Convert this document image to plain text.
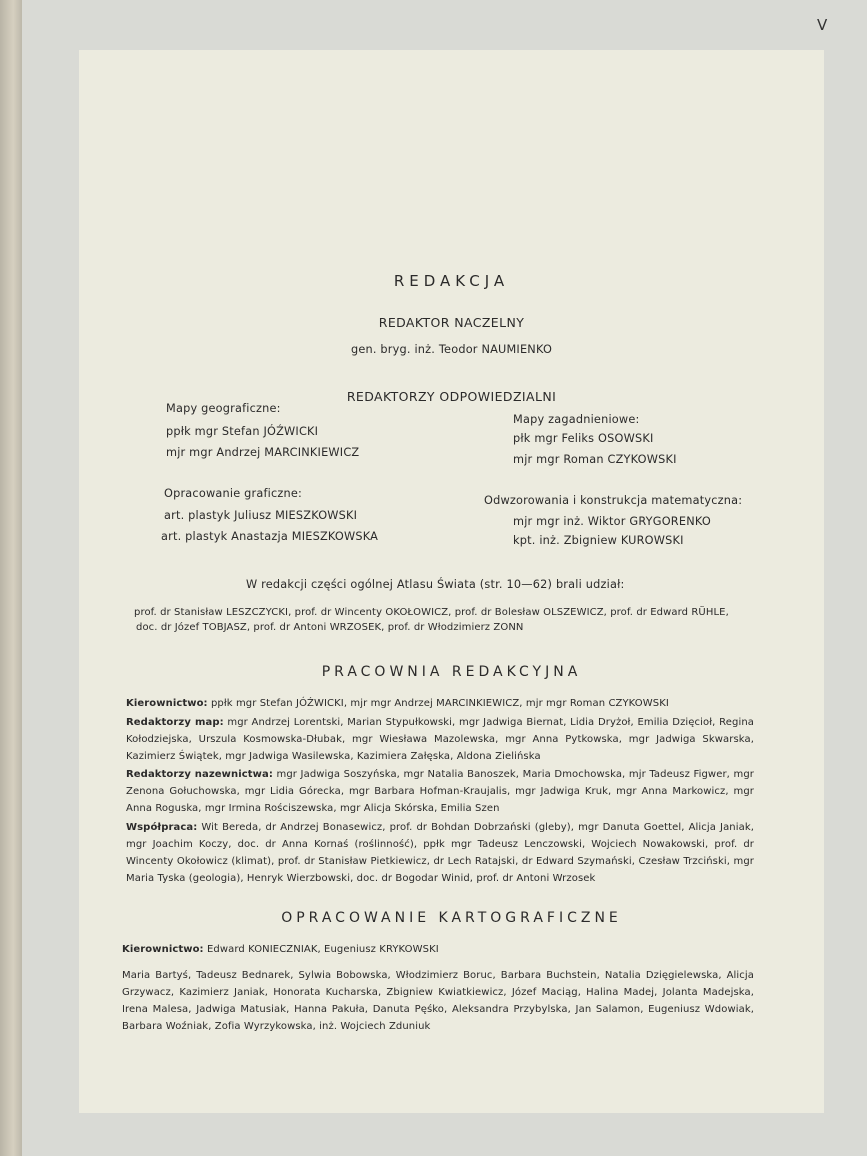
V
REDAKCJA
REDAKTOR NACZELNY
gen. bryg. inż. Teodor NAUMIENKO
REDAKTORZY ODPOWIEDZIALNI
Mapy geograficzne:
ppłk mgr Stefan JÓŹWICKI
mjr mgr Andrzej MARCINKIEWICZ
Mapy zagadnieniowe:
płk mgr Feliks OSOWSKI
mjr mgr Roman CZYKOWSKI
Opracowanie graficzne:
art. plastyk Juliusz MIESZKOWSKI
art. plastyk Anastazja MIESZKOWSKA
Odwzorowania i konstrukcja matematyczna:
mjr mgr inż. Wiktor GRYGORENKO
kpt. inż. Zbigniew KUROWSKI
W redakcji części ogólnej Atlasu Świata (str. 10—62) brali udział:
prof. dr Stanisław LESZCZYCKI, prof. dr Wincenty OKOŁOWICZ, prof. dr Bolesław OLSZEWICZ, prof. dr Edward RÜHLE,
doc. dr Józef TOBJASZ, prof. dr Antoni WRZOSEK, prof. dr Włodzimierz ZONN
PRACOWNIA REDAKCYJNA
Kierownictwo: ppłk mgr Stefan JÓŹWICKI, mjr mgr Andrzej MARCINKIEWICZ, mjr mgr Roman CZYKOWSKI
Redaktorzy map: mgr Andrzej Lorentski, Marian Stypułkowski, mgr Jadwiga Biernat, Lidia Dryżoł, Emilia Dzięcioł, Regina Kołodziejska, Urszula Kosmowska-Dłubak, mgr Wiesława Mazolewska, mgr Anna Pytkowska, mgr Jadwiga Skwarska, Kazimierz Świątek, mgr Jadwiga Wasilewska, Kazimiera Załęska, Aldona Zielińska
Redaktorzy nazewnictwa: mgr Jadwiga Soszyńska, mgr Natalia Banoszek, Maria Dmochowska, mjr Tadeusz Figwer, mgr Zenona Gołuchowska, mgr Lidia Górecka, mgr Barbara Hofman-Kraujalis, mgr Jadwiga Kruk, mgr Anna Markowicz, mgr Anna Roguska, mgr Irmina Rościszewska, mgr Alicja Skórska, Emilia Szen
Współpraca: Wit Bereda, dr Andrzej Bonasewicz, prof. dr Bohdan Dobrzański (gleby), mgr Danuta Goettel, Alicja Janiak, mgr Joachim Koczy, doc. dr Anna Kornaś (roślinność), ppłk mgr Tadeusz Lenczowski, Wojciech Nowakowski, prof. dr Wincenty Okołowicz (klimat), prof. dr Stanisław Pietkiewicz, dr Lech Ratajski, dr Edward Szymański, Czesław Trzciński, mgr Maria Tyska (geologia), Henryk Wierzbowski, doc. dr Bogodar Winid, prof. dr Antoni Wrzosek
OPRACOWANIE KARTOGRAFICZNE
Kierownictwo: Edward KONIECZNIAK, Eugeniusz KRYKOWSKI
Maria Bartyś, Tadeusz Bednarek, Sylwia Bobowska, Włodzimierz Boruc, Barbara Buchstein, Natalia Dzięgielewska, Alicja Grzywacz, Kazimierz Janiak, Honorata Kucharska, Zbigniew Kwiatkiewicz, Józef Maciąg, Halina Madej, Jolanta Madejska, Irena Malesa, Jadwiga Matusiak, Hanna Pakuła, Danuta Pęśko, Aleksandra Przybylska, Jan Salamon, Eugeniusz Wdowiak, Barbara Woźniak, Zofia Wyrzykowska, inż. Wojciech Zduniuk
